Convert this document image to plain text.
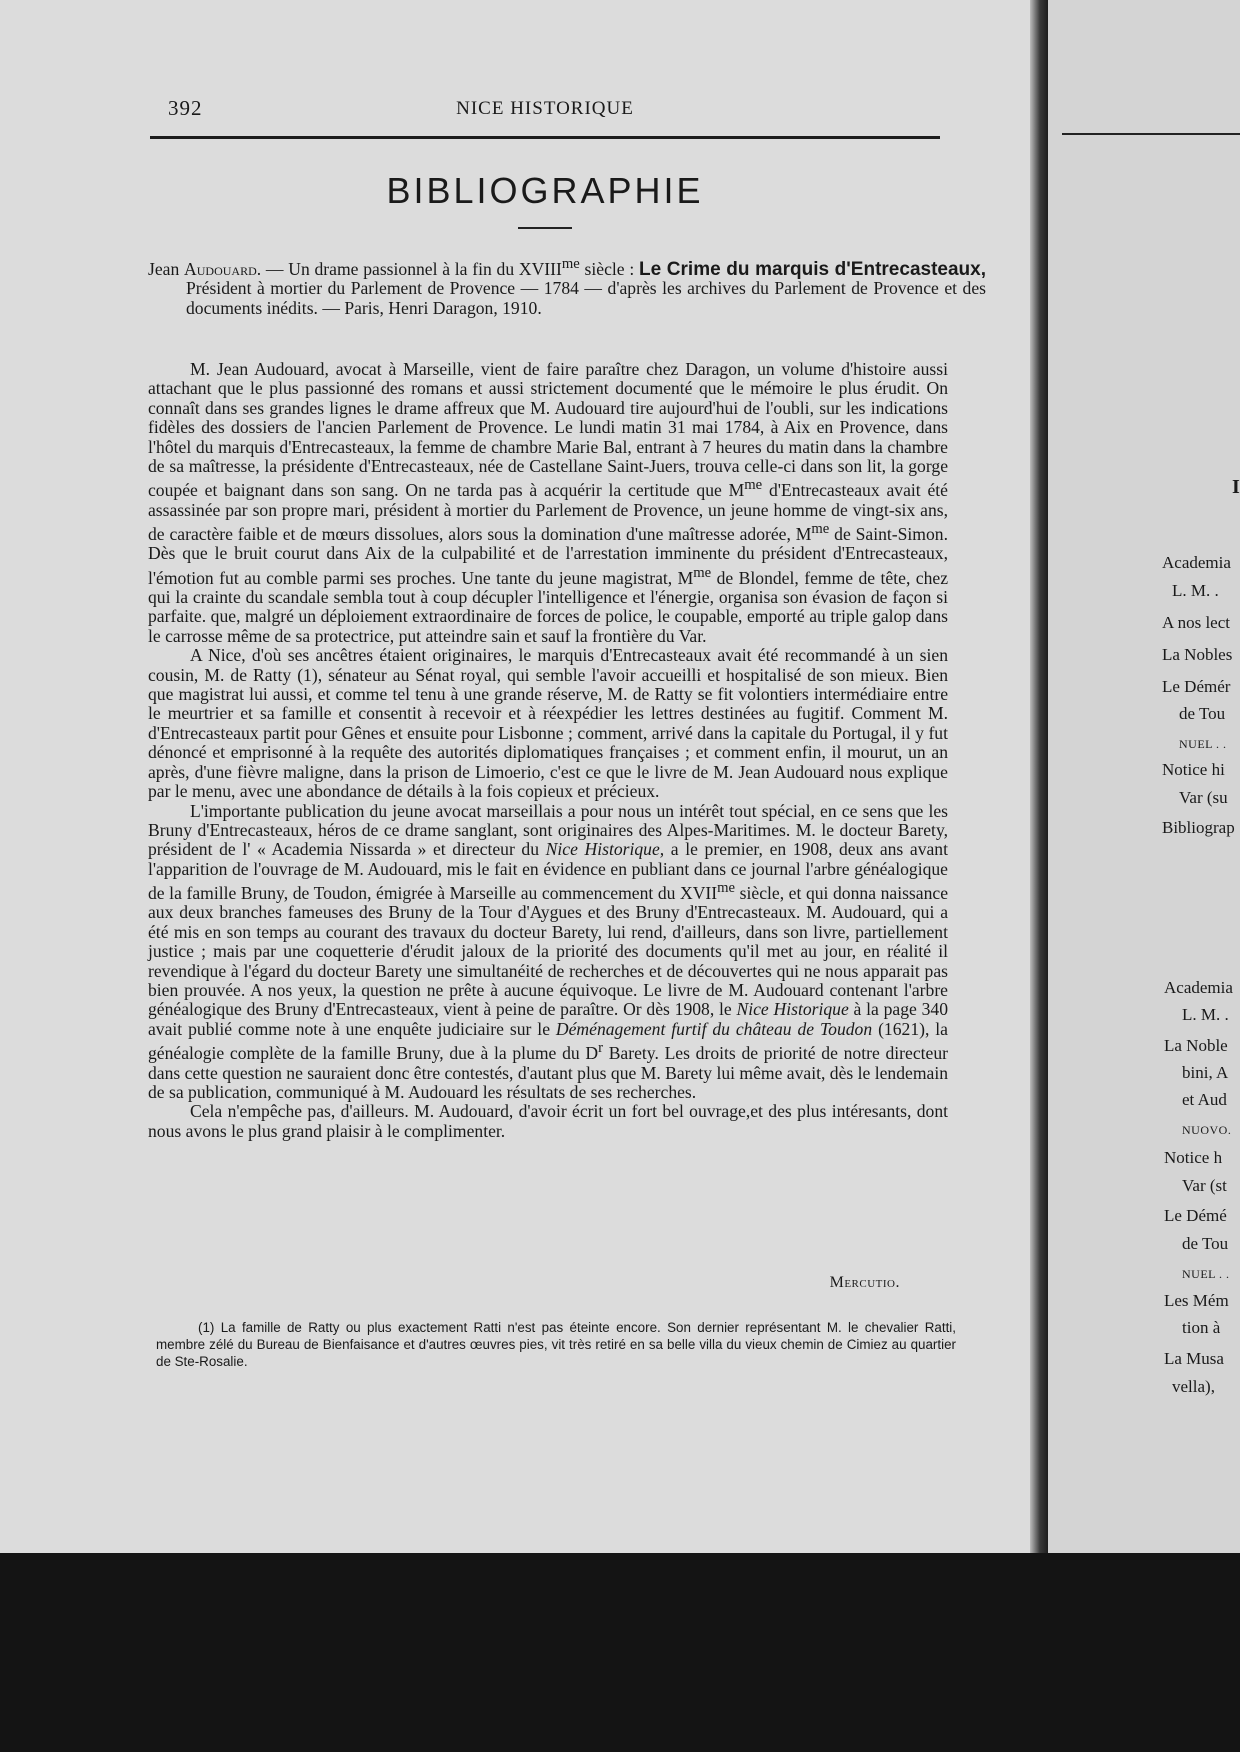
I
Academia
L. M. .
A nos lect
La Nobles
Le Démér
de Tou
NUEL . .
Notice hi
Var (su
Bibliograp
Academia
L. M. .
La Noble
bini, A
et Aud
NUOVO.
Notice h
Var (st
Le Démé
de Tou
NUEL . .
Les Mém
tion à
La Musa
vella),
392	NICE HISTORIQUE
BIBLIOGRAPHIE
Jean Audouard. — Un drame passionnel à la fin du $XVIII^{me}$ siècle : Le Crime du marquis d'Entrecasteaux, Président à mortier du Parlement de Provence — 1784 — d'après les archives du Parlement de Provence et des documents inédits. — Paris, Henri Daragon, 1910.

M. Jean Audouard, avocat à Marseille, vient de faire paraître chez Daragon, un volume d'histoire aussi attachant que le plus passionné des romans et aussi strictement documenté que le mémoire le plus érudit. On connaît dans ses grandes lignes le drame affreux que M. Audouard tire aujourd'hui de l'oubli, sur les indications fidèles des dossiers de l'ancien Parlement de Provence. Le lundi matin 31 mai 1784, à Aix en Provence, dans l'hôtel du marquis d'Entrecasteaux, la femme de chambre Marie Bal, entrant à 7 heures du matin dans la chambre de sa maîtresse, la présidente d'Entrecasteaux, née de Castellane Saint-Juers, trouva celle-ci dans son lit, la gorge coupée et baignant dans son sang. On ne tarda pas à acquérir la certitude que $M^{me}$ d'Entrecasteaux avait été assassinée par son propre mari, président à mortier du Parlement de Provence, un jeune homme de vingt-six ans, de caractère faible et de mœurs dissolues, alors sous la domination d'une maîtresse adorée, $M^{me}$ de Saint-Simon. Dès que le bruit courut dans Aix de la culpabilité et de l'arrestation imminente du président d'Entrecasteaux, l'émotion fut au comble parmi ses proches. Une tante du jeune magistrat, $M^{me}$ de Blondel, femme de tête, chez qui la crainte du scandale sembla tout à coup décupler l'intelligence et l'énergie, organisa son évasion de façon si parfaite. que, malgré un déploiement extraordinaire de forces de police, le coupable, emporté au triple galop dans le carrosse même de sa protectrice, put atteindre sain et sauf la frontière du Var.

A Nice, d'où ses ancêtres étaient originaires, le marquis d'Entrecasteaux avait été recommandé à un sien cousin, M. de Ratty (1), sénateur au Sénat royal, qui semble l'avoir accueilli et hospitalisé de son mieux. Bien que magistrat lui aussi, et comme tel tenu à une grande réserve, M. de Ratty se fit volontiers intermédiaire entre le meurtrier et sa famille et consentit à recevoir et à réexpédier les lettres destinées au fugitif. Comment M. d'Entrecasteaux partit pour Gênes et ensuite pour Lisbonne ; comment, arrivé dans la capitale du Portugal, il y fut dénoncé et emprisonné à la requête des autorités diplomatiques françaises ; et comment enfin, il mourut, un an après, d'une fièvre maligne, dans la prison de Limoerio, c'est ce que le livre de M. Jean Audouard nous explique par le menu, avec une abondance de détails à la fois copieux et précieux.

L'importante publication du jeune avocat marseillais a pour nous un intérêt tout spécial, en ce sens que les Bruny d'Entrecasteaux, héros de ce drame sanglant, sont originaires des Alpes-Maritimes. M. le docteur Barety, président de l' « Academia Nissarda » et directeur du Nice Historique, a le premier, en 1908, deux ans avant l'apparition de l'ouvrage de M. Audouard, mis le fait en évidence en publiant dans ce journal l'arbre généalogique de la famille Bruny, de Toudon, émigrée à Marseille au commencement du $XVII^{me}$ siècle, et qui donna naissance aux deux branches fameuses des Bruny de la Tour d'Aygues et des Bruny d'Entrecasteaux. M. Audouard, qui a été mis en son temps au courant des travaux du docteur Barety, lui rend, d'ailleurs, dans son livre, partiellement justice ; mais par une coquetterie d'érudit jaloux de la priorité des documents qu'il met au jour, en réalité il revendique à l'égard du docteur Barety une simultanéité de recherches et de découvertes qui ne nous apparait pas bien prouvée. A nos yeux, la question ne prête à aucune équivoque. Le livre de M. Audouard contenant l'arbre généalogique des Bruny d'Entrecasteaux, vient à peine de paraître. Or dès 1908, le Nice Historique à la page 340 avait publié comme note à une enquête judiciaire sur le Déménagement furtif du château de Toudon (1621), la généalogie complète de la famille Bruny, due à la plume du $D^r$ Barety. Les droits de priorité de notre directeur dans cette question ne sauraient donc être contestés, d'autant plus que M. Barety lui même avait, dès le lendemain de sa publication, communiqué à M. Audouard les résultats de ses recherches.

Cela n'empêche pas, d'ailleurs. M. Audouard, d'avoir écrit un fort bel ouvrage,et des plus intéresants, dont nous avons le plus grand plaisir à le complimenter.

Mercutio.
(1) La famille de Ratty ou plus exactement Ratti n'est pas éteinte encore. Son dernier représentant M. le chevalier Ratti, membre zélé du Bureau de Bienfaisance et d'autres œuvres pies, vit très retiré en sa belle villa du vieux chemin de Cimiez au quartier de Ste-Rosalie.
